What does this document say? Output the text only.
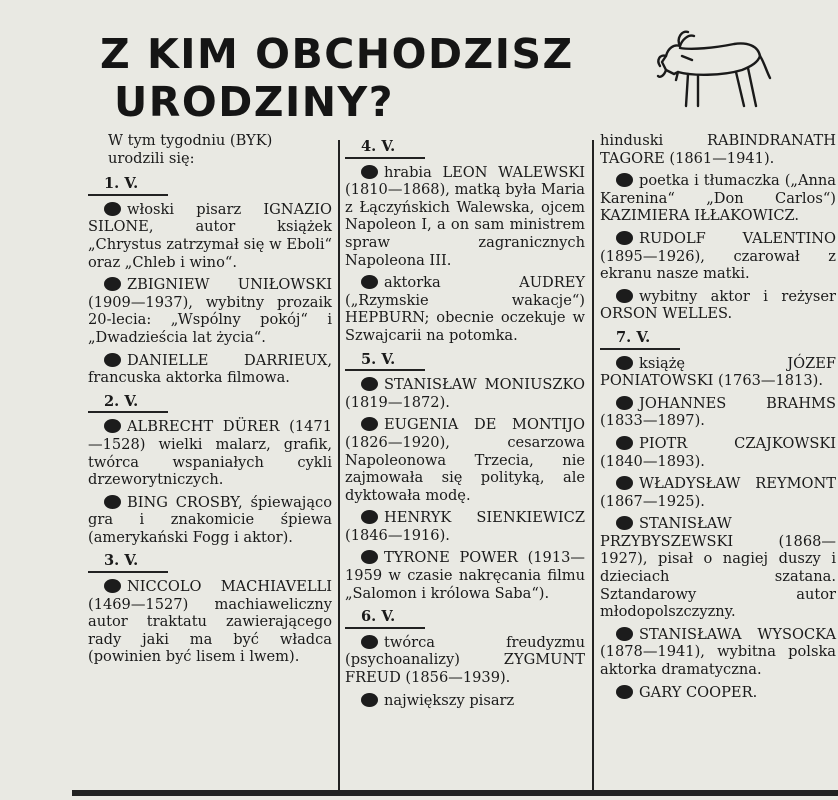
Z KIM OBCHODZISZ
URODZINY?
W tym tygodniu (BYK) urodzili się:
1. V.
włoski pisarz IGNAZIO SILONE, autor książek „Chrystus zatrzymał się w Eboli“ oraz „Chleb i wino“.
ZBIGNIEW UNIŁOWSKI (1909—1937), wybitny prozaik 20-lecia: „Wspólny pokój“ i „Dwadzieścia lat życia“.
DANIELLE DARRIEUX, francuska aktorka filmowa.
2. V.
ALBRECHT DÜRER (1471—1528) wielki malarz, grafik, twórca wspaniałych cykli drzeworytniczych.
BING CROSBY, śpiewająco gra i znakomicie śpiewa (amerykański Fogg i aktor).
3. V.
NICCOLO MACHIAVELLI (1469—1527) machiaweliczny autor traktatu zawierającego rady jaki ma być władca (powinien być lisem i lwem).
4. V.
hrabia LEON WALEWSKI (1810—1868), matką była Maria z Łączyńskich Walewska, ojcem Napoleon I, a on sam ministrem spraw zagranicznych Napoleona III.
aktorka AUDREY („Rzymskie wakacje“) HEPBURN; obecnie oczekuje w Szwajcarii na potomka.
5. V.
STANISŁAW MONIUSZKO (1819—1872).
EUGENIA DE MONTIJO (1826—1920), cesarzowa Napoleonowa Trzecia, nie zajmowała się polityką, ale dyktowała modę.
HENRYK SIENKIEWICZ (1846—1916).
TYRONE POWER (1913—1959 w czasie nakręcania filmu „Salomon i królowa Saba“).
6. V.
twórca freudyzmu (psychoanalizy) ZYGMUNT FREUD (1856—1939).
największy pisarz
hinduski RABINDRANATH TAGORE (1861—1941).
poetka i tłumaczka („Anna Karenina“ „Don Carlos“) KAZIMIERA IŁŁAKOWICZ.
RUDOLF VALENTINO (1895—1926), czarował z ekranu nasze matki.
wybitny aktor i reżyser ORSON WELLES.
7. V.
książę JÓZEF PONIATOWSKI (1763—1813).
JOHANNES BRAHMS (1833—1897).
PIOTR CZAJKOWSKI (1840—1893).
WŁADYSŁAW REYMONT (1867—1925).
STANISŁAW PRZYBYSZEWSKI (1868—1927), pisał o nagiej duszy i dzieciach szatana. Sztandarowy autor młodopolszczyzny.
STANISŁAWA WYSOCKA (1878—1941), wybitna polska aktorka dramatyczna.
GARY COOPER.
